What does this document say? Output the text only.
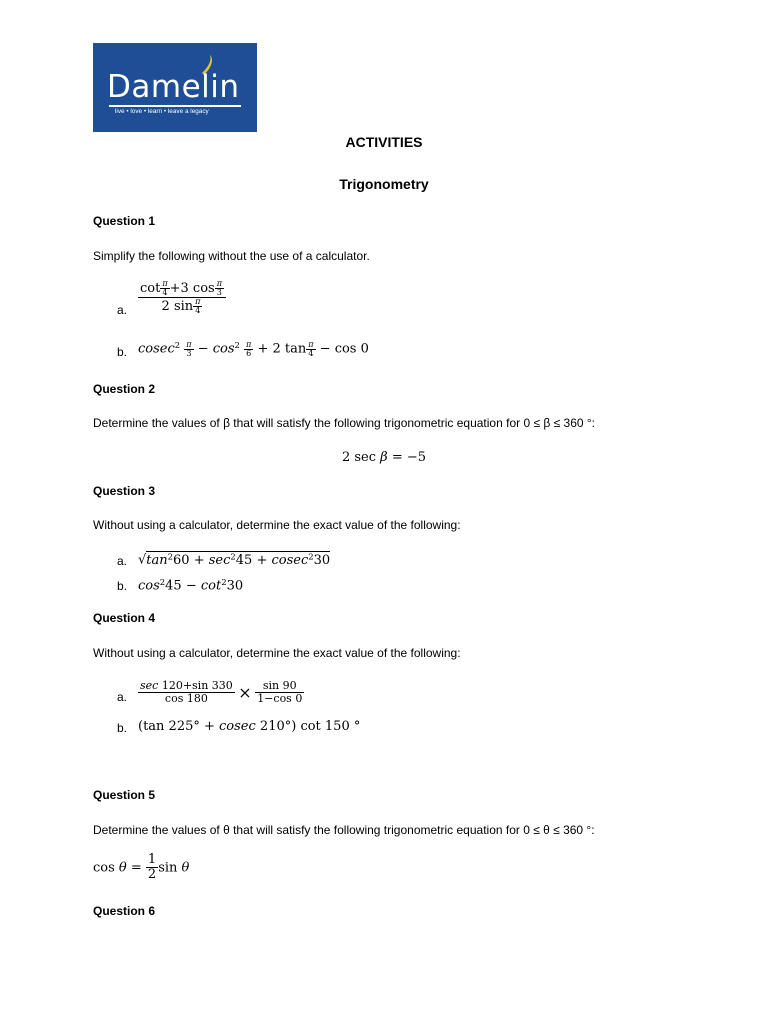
Damelin
live • love • learn • leave a legacy
ACTIVITIES
Trigonometry
Question 1
Simplify the following without the use of a calculator.
a. $\frac{\cot \frac{\pi}{4} +3 \cos \frac{\pi}{3}}{2 \sin \frac{\pi}{4}}$
b. $cosec^2 \frac{\pi}{3} - \cos^2 \frac{\pi}{6} + 2$ $\tan \frac{\pi}{4} - \cos 0$
Question 2
Determine the values of β that will satisfy the following trigonometric equation for 0 ≤ β ≤ 360 °:
2 sec β = −5
Question 3
Without using a calculator, determine the exact value of the following:
a. $√\tan^260 + \sec^245 + cosec^230$
b. $\cos^245 - \cot^230$
Question 4
Without using a calculator, determine the exact value of the following:
a. $\frac{\sec 120+\sin 330}{\cos 180} \times \frac{\sin 90}{1-\cos 0}$
b. (tan 225° + cosec 210°) cot 150 °
Question 5
Determine the values of θ that will satisfy the following trigonometric equation for 0 ≤ θ ≤ 360 °:
$\cos \theta = \frac{1}{2}$ sin θ
Question 6
